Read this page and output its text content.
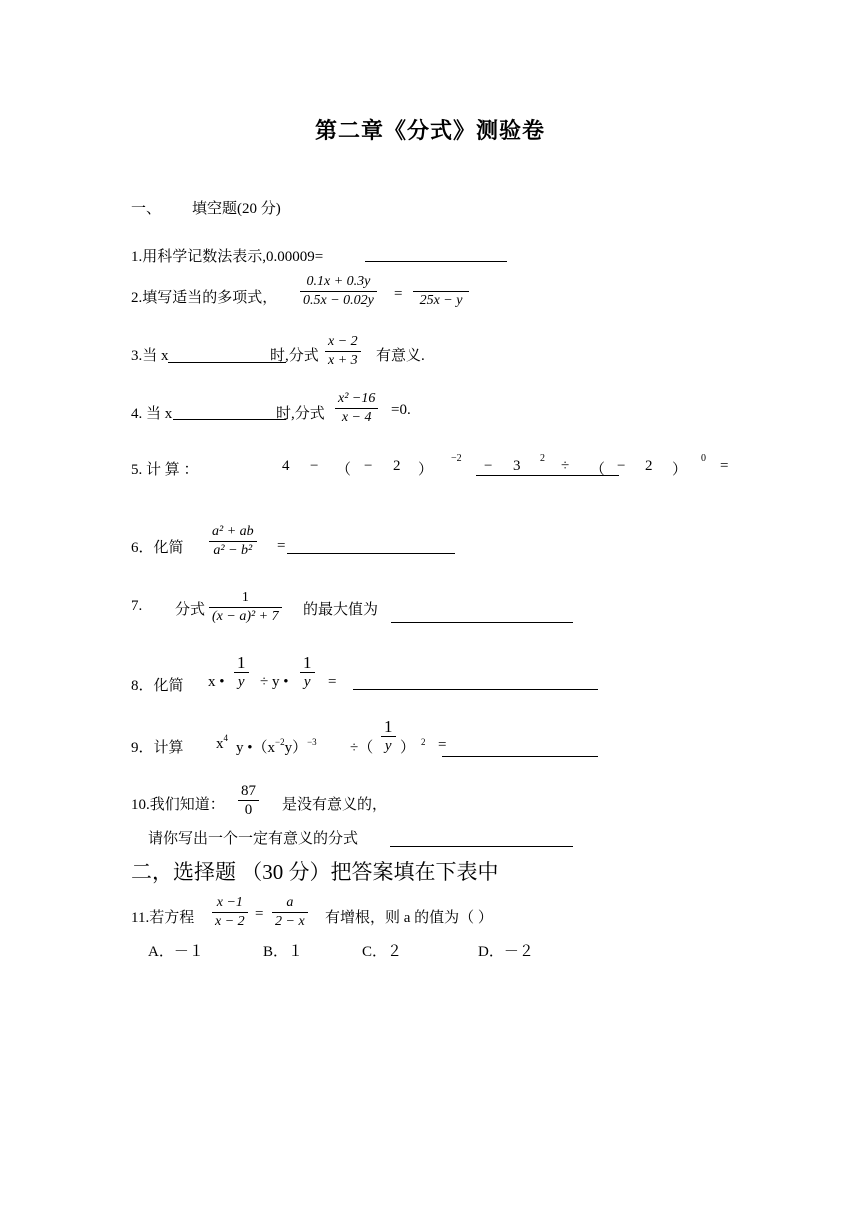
第二章《分式》测验卷
一、 填空题(20 分)
1.用科学记数法表示,0.00009=
2.填写适当的多项式，
0.1x + 0.3y
0.5x − 0.02y =
25x − y
3.当 x	时,分式
x − 2
x + 3 有意义.
4. 当 x	时,分式
x² −16
x − 4 =0.
5. 计 算 ：	4 − （ − 2 ）
−2 − 3 2 ÷ （ − 2 ）
0 =
6．化简
a² + ab
a² − b² =
7. 分式
1
(x − a)² + 7 的最大值为
8．化简 x •
1
y ÷ y •
1
y =
9．计算 $x^4$
y $•(x^{-2}y)^{-3}$ ÷（
1
y ） $^2$ =
10.我们知道：
87
0 是没有意义的，
请你写出一个一定有意义的分式
二，选择题 （30 分）把答案填在下表中
11.若方程
x −1
x − 2 =
a
2 − x 有增根，则 a 的值为（ ）
A．－１	B．１	C．２	D．－２
